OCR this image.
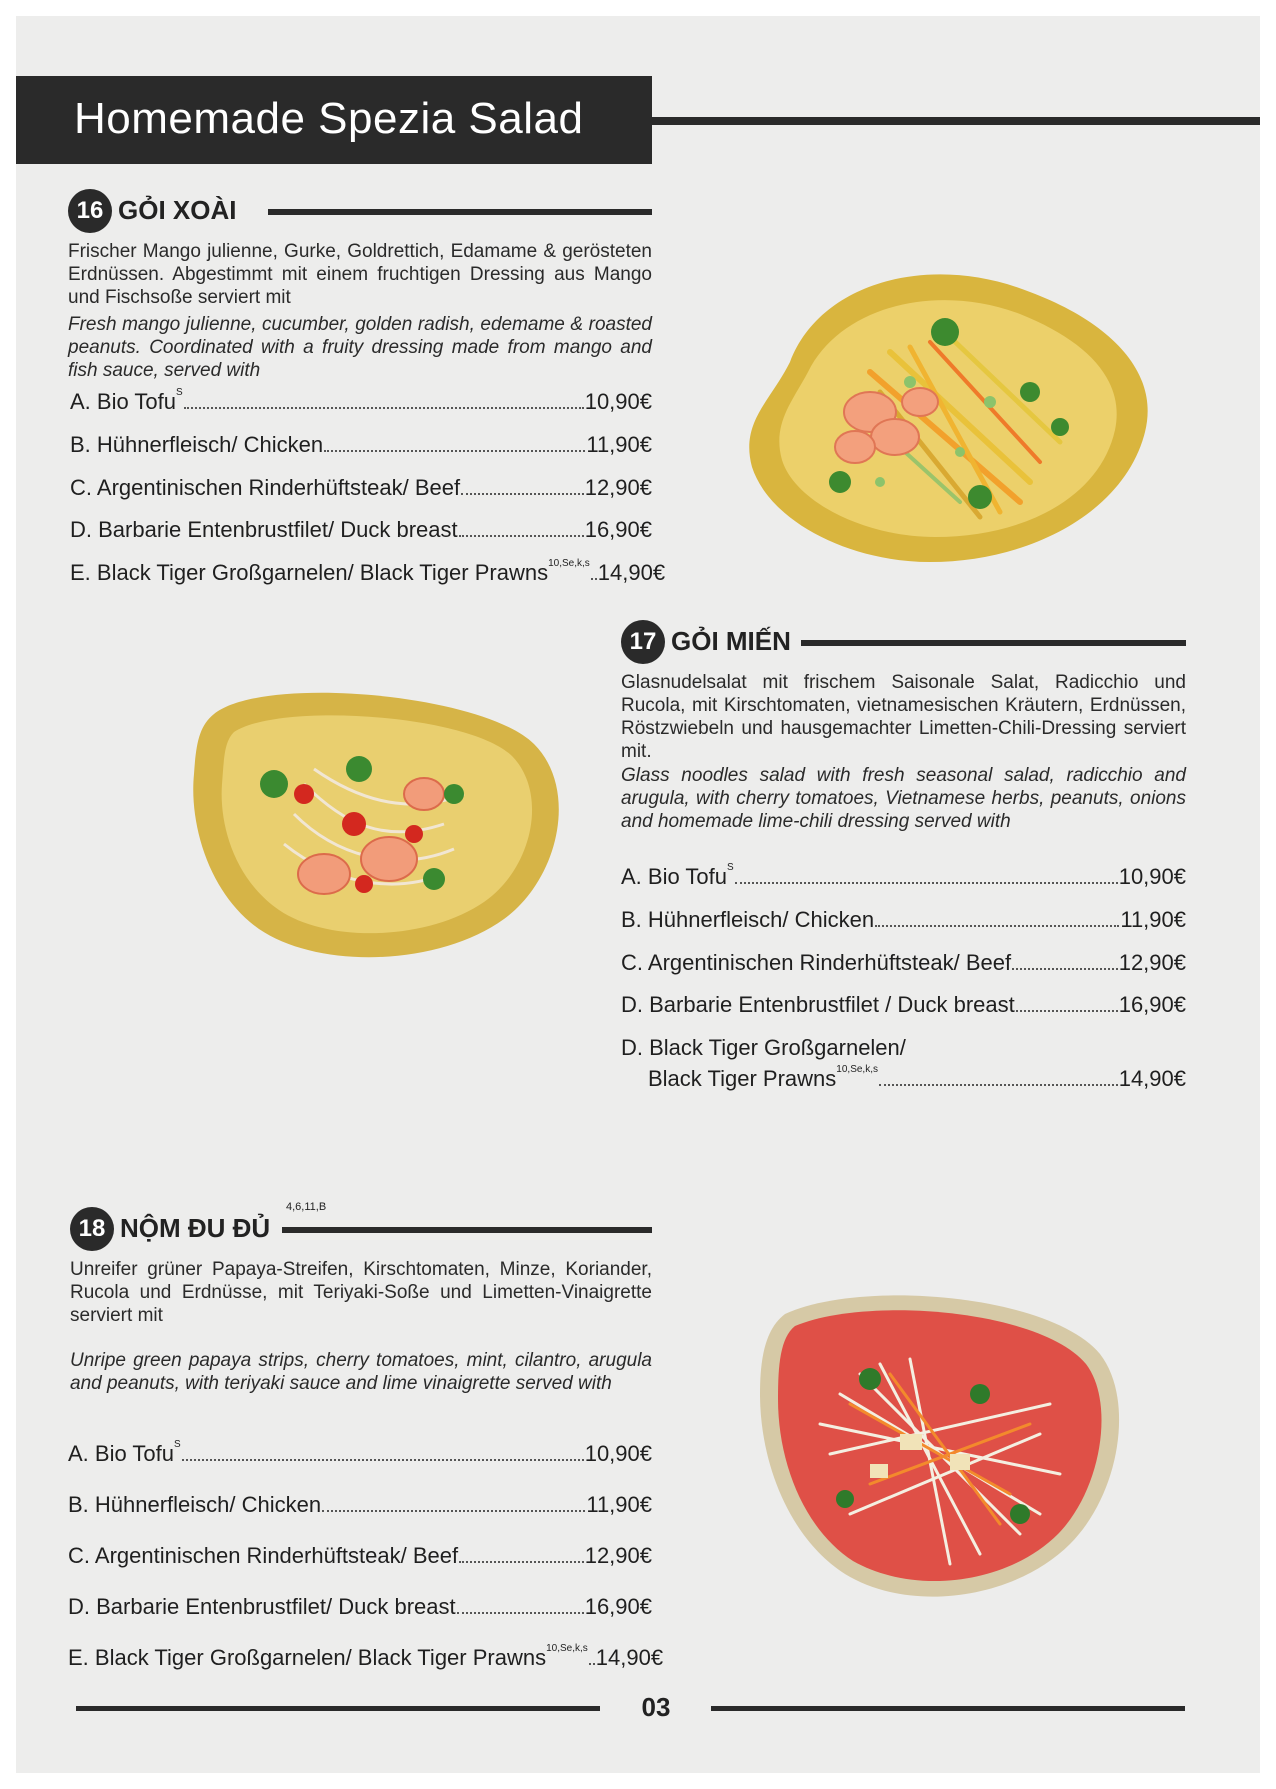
Homemade Spezia Salad
16 GỎI XOÀI
Frischer Mango julienne, Gurke, Goldrettich, Edamame & gerösteten Erdnüssen. Abgestimmt mit einem fruchtigen Dressing aus Mango und Fischsoße serviert mit
Fresh mango julienne, cucumber, golden radish, edemame & roasted peanuts. Coordinated with a fruity dressing made from mango and fish sauce, served with
A. Bio Tofu S	10,90€
B. Hühnerfleisch/ Chicken	11,90€
C. Argentinischen Rinderhüftsteak/ Beef	12,90€
D. Barbarie Entenbrustfilet/ Duck breast	16,90€
E. Black Tiger Großgarnelen/ Black Tiger Prawns 10,Se,k,s 14,90€
17 GỎI MIẾN
Glasnudelsalat mit frischem Saisonale Salat, Radicchio und Rucola, mit Kirschtomaten, vietnamesischen Kräutern, Erdnüssen, Röstzwiebeln und hausgemachter Limetten-Chili-Dressing serviert mit.
Glass noodles salad with fresh seasonal salad, radicchio and arugula, with cherry tomatoes, Vietnamese herbs, peanuts, onions and homemade lime-chili dressing served with
A. Bio Tofu S	10,90€
B. Hühnerfleisch/ Chicken	11,90€
C. Argentinischen Rinderhüftsteak/ Beef	12,90€
D. Barbarie Entenbrustfilet / Duck breast	16,90€
D. Black Tiger Großgarnelen/
Black Tiger Prawns 10,Se,k,s	14,90€
18 NỘM ĐU ĐỦ
4,6,11,B
Unreifer grüner Papaya-Streifen, Kirschtomaten, Minze, Koriander, Rucola und Erdnüsse, mit Teriyaki-Soße und Limetten-Vinaigrette serviert mit
Unripe green papaya strips, cherry tomatoes, mint, cilantro, arugula and peanuts, with teriyaki sauce and lime vinaigrette served with
A. Bio Tofu S	10,90€
B. Hühnerfleisch/ Chicken	11,90€
C. Argentinischen Rinderhüftsteak/ Beef	12,90€
D. Barbarie Entenbrustfilet/ Duck breast	16,90€
E. Black Tiger Großgarnelen/ Black Tiger Prawns 10,Se,k,s 14,90€
03
